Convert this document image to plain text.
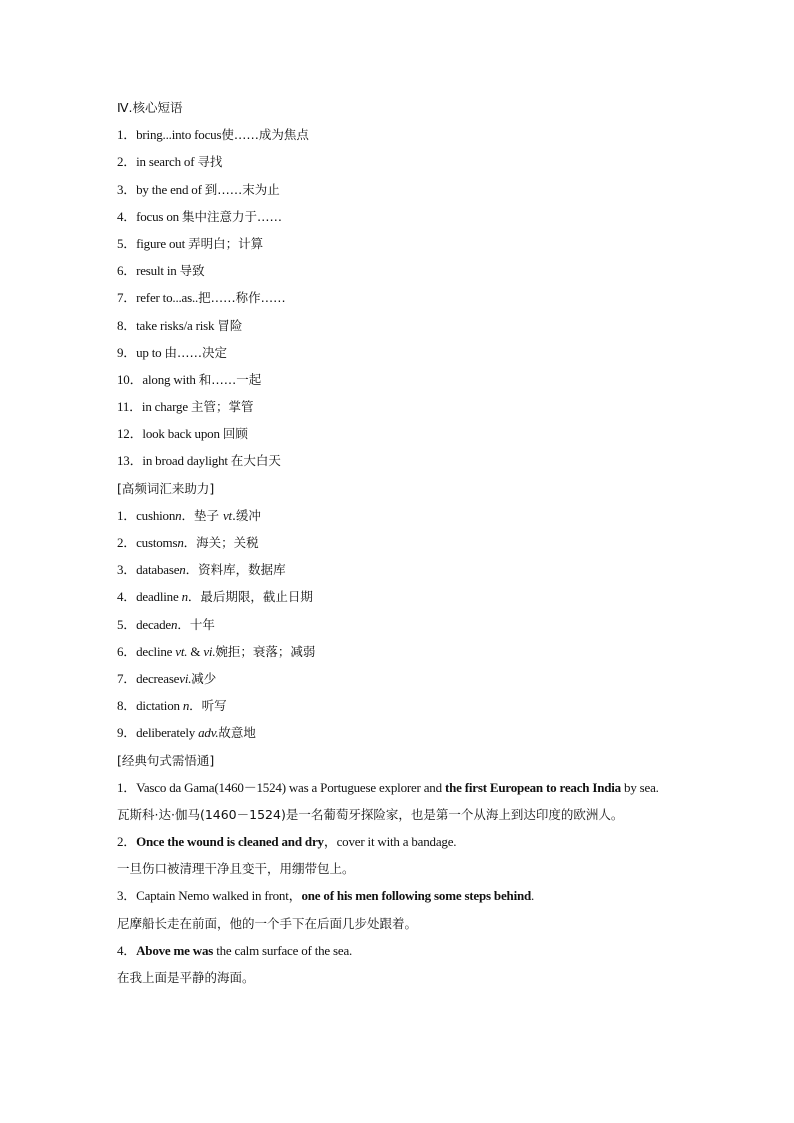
Ⅳ.核心短语
1．bring...into focus使……成为焦点
2．in search of 寻找
3．by the end of 到……末为止
4．focus on 集中注意力于……
5．figure out 弄明白；计算
6．result in 导致
7．refer to...as..把……称作……
8．take risks/a risk 冒险
9．up to 由……决定
10．along with 和……一起
11．in charge 主管；掌管
12．look back upon 回顾
13．in broad daylight 在大白天
[高频词汇来助力]
1．cushionn．垫子 vt.缓冲
2．customsn．海关；关税
3．databasen．资料库，数据库
4．deadline n．最后期限，截止日期
5．decaden．十年
6．decline vt. & vi.婉拒；衰落；减弱
7．decreasevi.减少
8．dictation n．听写
9．deliberately adv.故意地
[经典句式需悟通]
1．Vasco da Gama(1460－1524) was a Portuguese explorer and the first European to reach India by sea.
瓦斯科·达·伽马(1460－1524)是一名葡萄牙探险家，也是第一个从海上到达印度的欧洲人。
2．Once the wound is cleaned and dry，cover it with a bandage.
一旦伤口被清理干净且变干，用绷带包上。
3．Captain Nemo walked in front，one of his men following some steps behind.
尼摩船长走在前面，他的一个手下在后面几步处跟着。
4．Above me was the calm surface of the sea.
在我上面是平静的海面。
